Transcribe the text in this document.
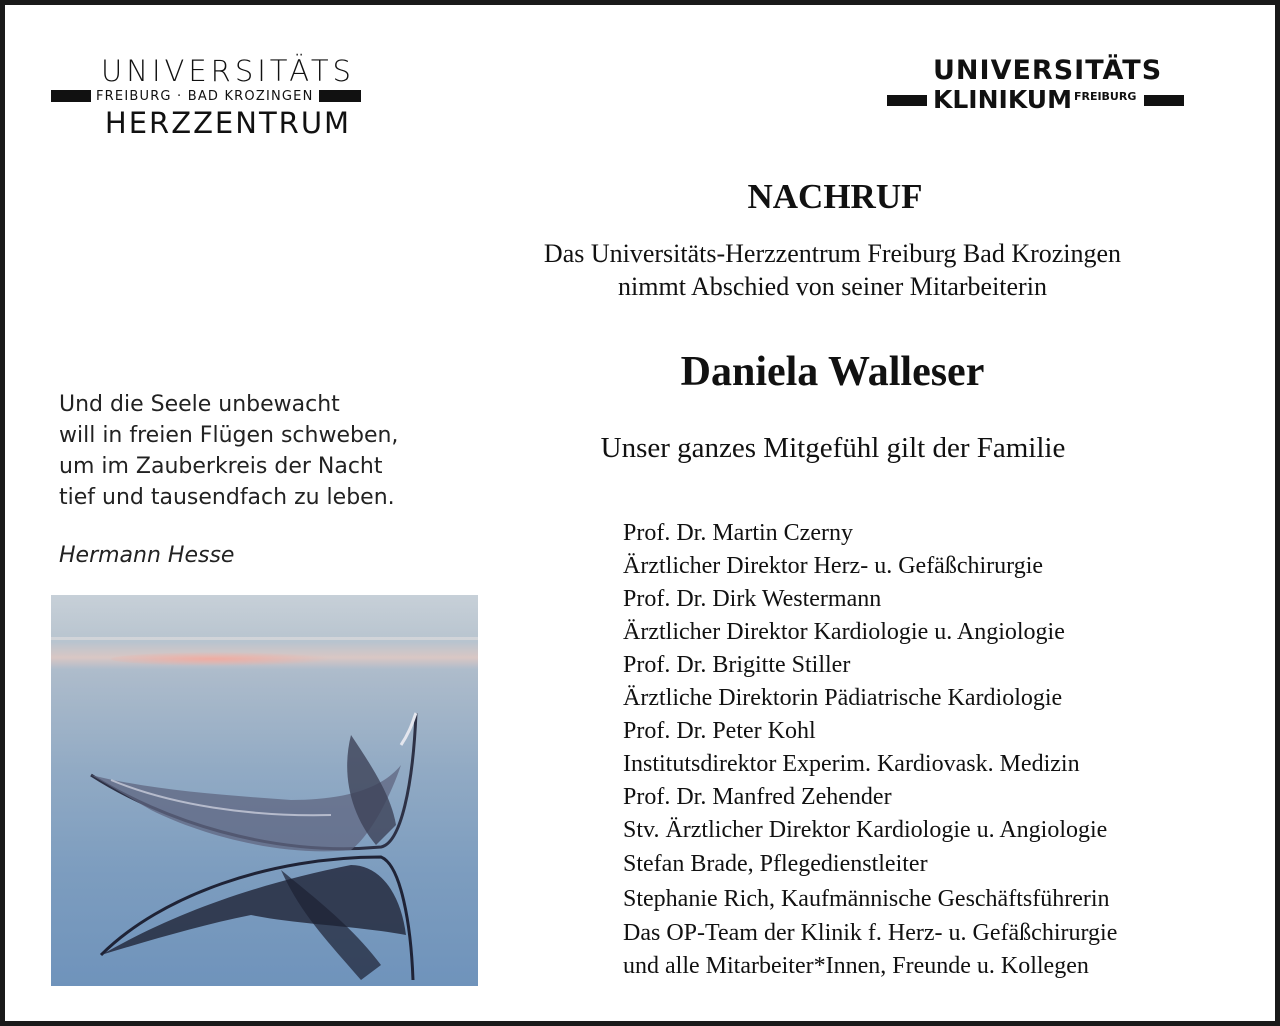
UNIVERSITÄTS
FREIBURG · BAD KROZINGEN
HERZZENTRUM
UNIVERSITÄTS
KLINIKUM FREIBURG
NACHRUF
Das Universitäts-Herzzentrum Freiburg Bad Krozingen
nimmt Abschied von seiner Mitarbeiterin
Daniela Walleser
Unser ganzes Mitgefühl gilt der Familie
Und die Seele unbewacht
will in freien Flügen schweben,
um im Zauberkreis der Nacht
tief und tausendfach zu leben.
Hermann Hesse
Prof. Dr. Martin Czerny
Ärztlicher Direktor Herz- u. Gefäßchirurgie
Prof. Dr. Dirk Westermann
Ärztlicher Direktor Kardiologie u. Angiologie
Prof. Dr. Brigitte Stiller
Ärztliche Direktorin Pädiatrische Kardiologie
Prof. Dr. Peter Kohl
Institutsdirektor Experim. Kardiovask. Medizin
Prof. Dr. Manfred Zehender
Stv. Ärztlicher Direktor Kardiologie u. Angiologie
Stefan Brade, Pflegedienstleiter
Stephanie Rich, Kaufmännische Geschäftsführerin
Das OP-Team der Klinik f. Herz- u. Gefäßchirurgie
und alle Mitarbeiter*Innen, Freunde u. Kollegen
